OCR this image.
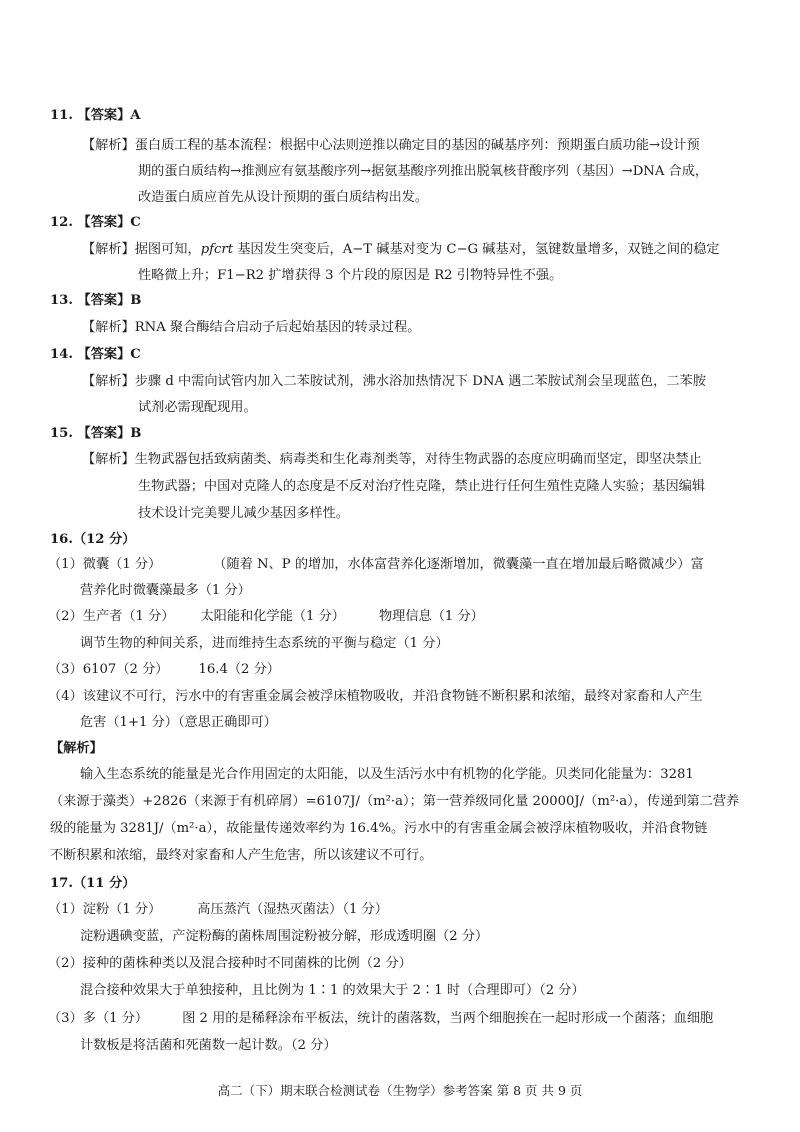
11. 【答案】A
【解析】蛋白质工程的基本流程：根据中心法则逆推以确定目的基因的碱基序列：预期蛋白质功能→设计预
期的蛋白质结构→推测应有氨基酸序列→据氨基酸序列推出脱氧核苷酸序列（基因）→DNA 合成，
改造蛋白质应首先从设计预期的蛋白质结构出发。
12. 【答案】C
【解析】据图可知，pfcrt 基因发生突变后，A−T 碱基对变为 C−G 碱基对，氢键数量增多，双链之间的稳定
性略微上升；F1−R2 扩增获得 3 个片段的原因是 R2 引物特异性不强。
13. 【答案】B
【解析】RNA 聚合酶结合启动子后起始基因的转录过程。
14. 【答案】C
【解析】步骤 d 中需向试管内加入二苯胺试剂，沸水浴加热情况下 DNA 遇二苯胺试剂会呈现蓝色，二苯胺
试剂必需现配现用。
15. 【答案】B
【解析】生物武器包括致病菌类、病毒类和生化毒剂类等，对待生物武器的态度应明确而坚定，即坚决禁止
生物武器；中国对克隆人的态度是不反对治疗性克隆，禁止进行任何生殖性克隆人实验；基因编辑
技术设计完美婴儿减少基因多样性。
16.（12 分）
（1）微囊（1 分）	（随着 N、P 的增加，水体富营养化逐渐增加，微囊藻一直在增加最后略微减少）富
营养化时微囊藻最多（1 分）
（2）生产者（1 分） 太阳能和化学能（1 分）	物理信息（1 分）
调节生物的种间关系，进而维持生态系统的平衡与稳定（1 分）
（3）6107（2 分） 16.4（2 分）
（4）该建议不可行，污水中的有害重金属会被浮床植物吸收，并沿食物链不断积累和浓缩，最终对家畜和人产生
危害（1+1 分）（意思正确即可）
【解析】
输入生态系统的能量是光合作用固定的太阳能，以及生活污水中有机物的化学能。贝类同化能量为：3281
（来源于藻类）+2826（来源于有机碎屑）=6107J/（m²·a）；第一营养级同化量 20000J/（m²·a），传递到第二营养
级的能量为 3281J/（m²·a），故能量传递效率约为 16.4%。污水中的有害重金属会被浮床植物吸收，并沿食物链
不断积累和浓缩，最终对家畜和人产生危害，所以该建议不可行。
17.（11 分）
（1）淀粉（1 分）	高压蒸汽（湿热灭菌法）（1 分）
淀粉遇碘变蓝，产淀粉酶的菌株周围淀粉被分解，形成透明圈（2 分）
（2）接种的菌株种类以及混合接种时不同菌株的比例（2 分）
混合接种效果大于单独接种，且比例为 1∶1 的效果大于 2∶1 时（合理即可）（2 分）
（3）多（1 分）	图 2 用的是稀释涂布平板法，统计的菌落数，当两个细胞挨在一起时形成一个菌落；血细胞
计数板是将活菌和死菌数一起计数。（2 分）
高二（下）期末联合检测试卷（生物学）参考答案 第 8 页 共 9 页
